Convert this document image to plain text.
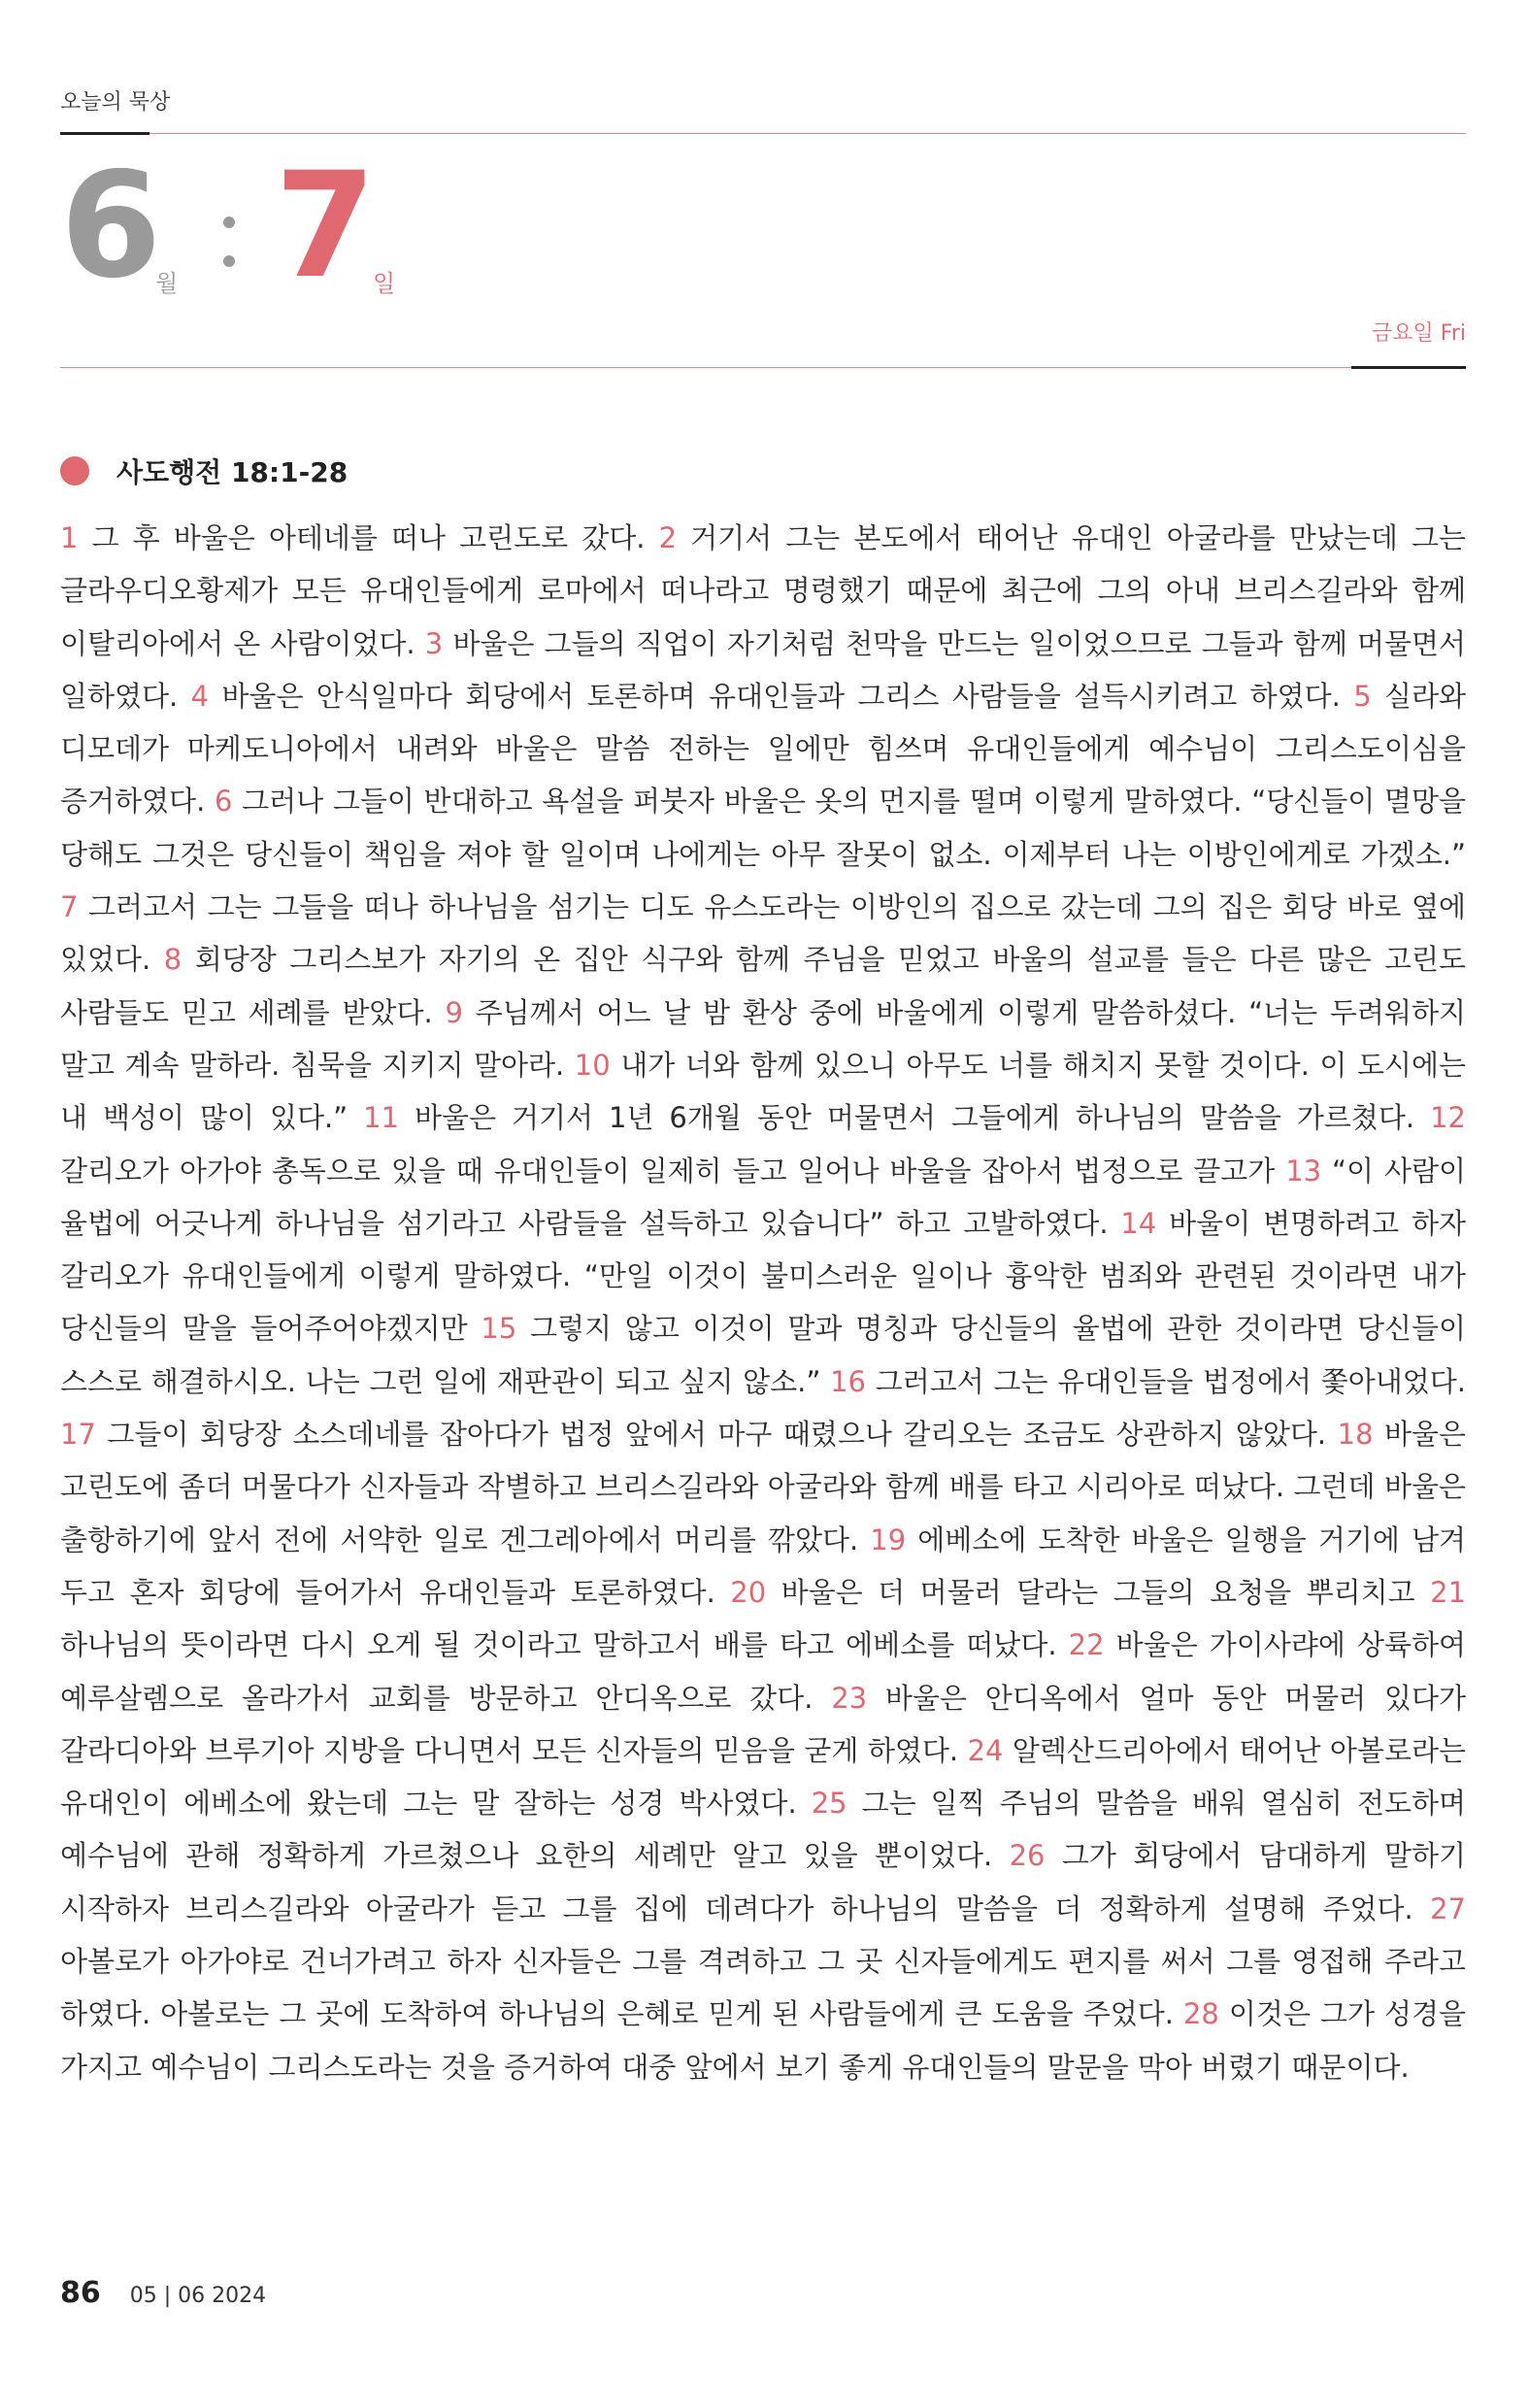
오늘의 묵상
6
월 7
일
금요일 Fri
사도행전 18:1-28
1 그 후 바울은 아테네를 떠나 고린도로 갔다. 2 거기서 그는 본도에서 태어난 유대인 아굴라를 만났는데 그는 글라우디오황제가 모든 유대인들에게 로마에서 떠나라고 명령했기 때문에 최근에 그의 아내 브리스길라와 함께 이탈리아에서 온 사람이었다. 3 바울은 그들의 직업이 자기처럼 천막을 만드는 일이었으므로 그들과 함께 머물면서 일하였다. 4 바울은 안식일마다 회당에서 토론하며 유대인들과 그리스 사람들을 설득시키려고 하였다. 5 실라와 디모데가 마케도니아에서 내려와 바울은 말씀 전하는 일에만 힘쓰며 유대인들에게 예수님이 그리스도이심을 증거하였다. 6 그러나 그들이 반대하고 욕설을 퍼붓자 바울은 옷의 먼지를 떨며 이렇게 말하였다. “당신들이 멸망을 당해도 그것은 당신들이 책임을 져야 할 일이며 나에게는 아무 잘못이 없소. 이제부터 나는 이방인에게로 가겠소.” 7 그러고서 그는 그들을 떠나 하나님을 섬기는 디도 유스도라는 이방인의 집으로 갔는데 그의 집은 회당 바로 옆에 있었다. 8 회당장 그리스보가 자기의 온 집안 식구와 함께 주님을 믿었고 바울의 설교를 들은 다른 많은 고린도 사람들도 믿고 세례를 받았다. 9 주님께서 어느 날 밤 환상 중에 바울에게 이렇게 말씀하셨다. “너는 두려워하지 말고 계속 말하라. 침묵을 지키지 말아라. 10 내가 너와 함께 있으니 아무도 너를 해치지 못할 것이다. 이 도시에는 내 백성이 많이 있다.” 11 바울은 거기서 1년 6개월 동안 머물면서 그들에게 하나님의 말씀을 가르쳤다. 12 갈리오가 아가야 총독으로 있을 때 유대인들이 일제히 들고 일어나 바울을 잡아서 법정으로 끌고가 13 “이 사람이 율법에 어긋나게 하나님을 섬기라고 사람들을 설득하고 있습니다” 하고 고발하였다. 14 바울이 변명하려고 하자 갈리오가 유대인들에게 이렇게 말하였다. “만일 이것이 불미스러운 일이나 흉악한 범죄와 관련된 것이라면 내가 당신들의 말을 들어주어야겠지만 15 그렇지 않고 이것이 말과 명칭과 당신들의 율법에 관한 것이라면 당신들이 스스로 해결하시오. 나는 그런 일에 재판관이 되고 싶지 않소.” 16 그러고서 그는 유대인들을 법정에서 쫓아내었다. 17 그들이 회당장 소스데네를 잡아다가 법정 앞에서 마구 때렸으나 갈리오는 조금도 상관하지 않았다. 18 바울은 고린도에 좀더 머물다가 신자들과 작별하고 브리스길라와 아굴라와 함께 배를 타고 시리아로 떠났다. 그런데 바울은 출항하기에 앞서 전에 서약한 일로 겐그레아에서 머리를 깎았다. 19 에베소에 도착한 바울은 일행을 거기에 남겨 두고 혼자 회당에 들어가서 유대인들과 토론하였다. 20 바울은 더 머물러 달라는 그들의 요청을 뿌리치고 21 하나님의 뜻이라면 다시 오게 될 것이라고 말하고서 배를 타고 에베소를 떠났다. 22 바울은 가이사랴에 상륙하여 예루살렘으로 올라가서 교회를 방문하고 안디옥으로 갔다. 23 바울은 안디옥에서 얼마 동안 머물러 있다가 갈라디아와 브루기아 지방을 다니면서 모든 신자들의 믿음을 굳게 하였다. 24 알렉산드리아에서 태어난 아볼로라는 유대인이 에베소에 왔는데 그는 말 잘하는 성경 박사였다. 25 그는 일찍 주님의 말씀을 배워 열심히 전도하며 예수님에 관해 정확하게 가르쳤으나 요한의 세례만 알고 있을 뿐이었다. 26 그가 회당에서 담대하게 말하기 시작하자 브리스길라와 아굴라가 듣고 그를 집에 데려다가 하나님의 말씀을 더 정확하게 설명해 주었다. 27 아볼로가 아가야로 건너가려고 하자 신자들은 그를 격려하고 그 곳 신자들에게도 편지를 써서 그를 영접해 주라고 하였다. 아볼로는 그 곳에 도착하여 하나님의 은혜로 믿게 된 사람들에게 큰 도움을 주었다. 28 이것은 그가 성경을 가지고 예수님이 그리스도라는 것을 증거하여 대중 앞에서 보기 좋게 유대인들의 말문을 막아 버렸기 때문이다.
86 05 | 06 2024
